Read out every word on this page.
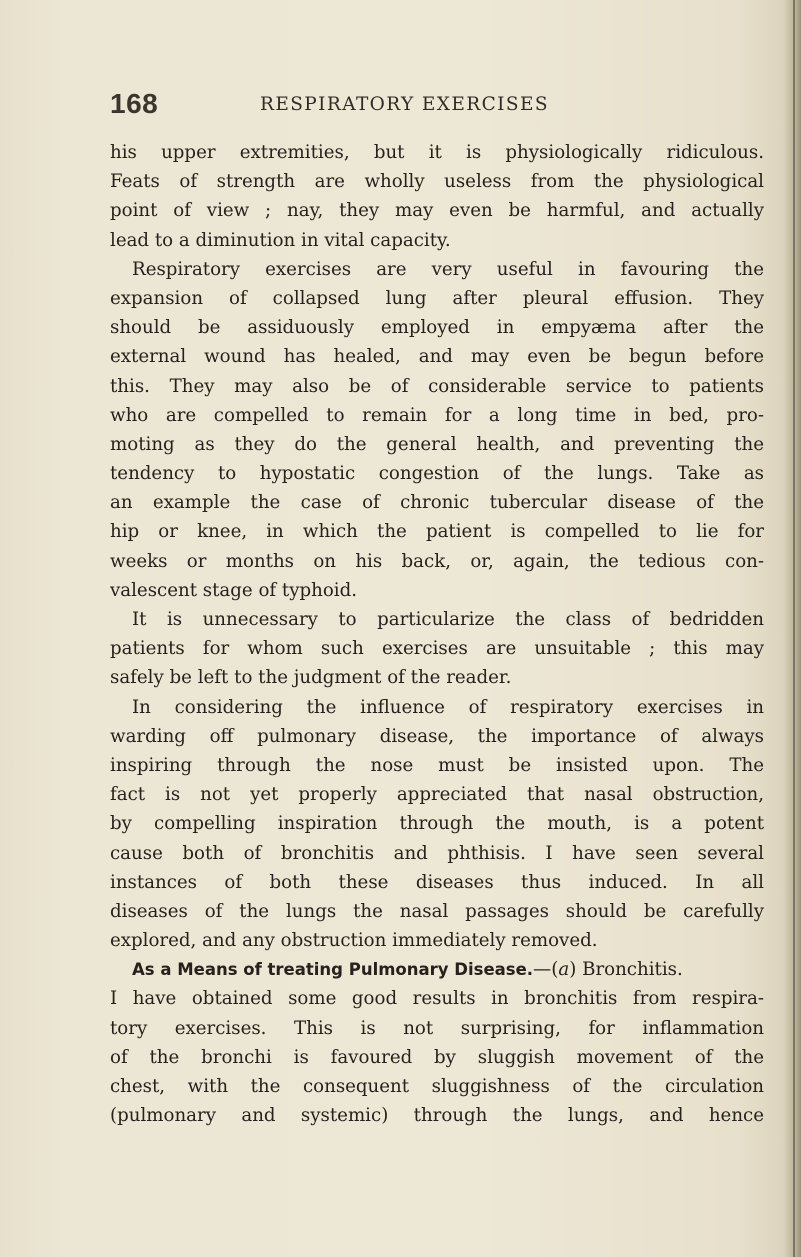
168	RESPIRATORY EXERCISES
his upper extremities, but it is physiologically ridiculous.
Feats of strength are wholly useless from the physiological
point of view ; nay, they may even be harmful, and actually
lead to a diminution in vital capacity.
Respiratory exercises are very useful in favouring the
expansion of collapsed lung after pleural effusion. They
should be assiduously employed in empyæma after the
external wound has healed, and may even be begun before
this. They may also be of considerable service to patients
who are compelled to remain for a long time in bed, pro-
moting as they do the general health, and preventing the
tendency to hypostatic congestion of the lungs. Take as
an example the case of chronic tubercular disease of the
hip or knee, in which the patient is compelled to lie for
weeks or months on his back, or, again, the tedious con-
valescent stage of typhoid.
It is unnecessary to particularize the class of bedridden
patients for whom such exercises are unsuitable ; this may
safely be left to the judgment of the reader.
In considering the influence of respiratory exercises in
warding off pulmonary disease, the importance of always
inspiring through the nose must be insisted upon. The
fact is not yet properly appreciated that nasal obstruction,
by compelling inspiration through the mouth, is a potent
cause both of bronchitis and phthisis. I have seen several
instances of both these diseases thus induced. In all
diseases of the lungs the nasal passages should be carefully
explored, and any obstruction immediately removed.
As a Means of treating Pulmonary Disease.—(a) Bronchitis.
I have obtained some good results in bronchitis from respira-
tory exercises. This is not surprising, for inflammation
of the bronchi is favoured by sluggish movement of the
chest, with the consequent sluggishness of the circulation
(pulmonary and systemic) through the lungs, and hence
